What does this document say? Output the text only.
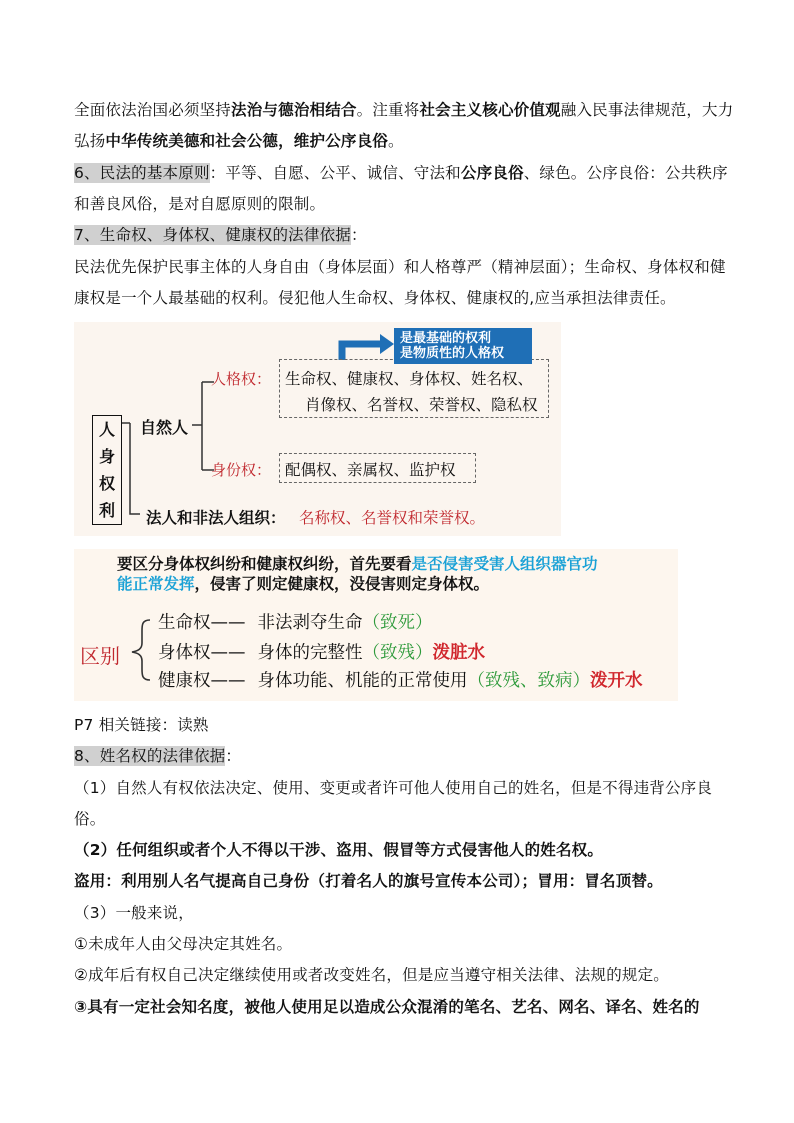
全面依法治国必须坚持法治与德治相结合。注重将社会主义核心价值观融入民事法律规范，大力弘扬中华传统美德和社会公德，维护公序良俗。
6、民法的基本原则：平等、自愿、公平、诚信、守法和公序良俗、绿色。公序良俗：公共秩序和善良风俗，是对自愿原则的限制。
7、生命权、身体权、健康权的法律依据：
民法优先保护民事主体的人身自由（身体层面）和人格尊严（精神层面）；生命权、身体权和健康权是一个人最基础的权利。侵犯他人生命权、身体权、健康权的,应当承担法律责任。
人
身
权
利
自然人
人格权： 生命权、健康权、身体权、姓名权、
肖像权、名誉权、荣誉权、隐私权
是最基础的权利
是物质性的人格权
身份权： 配偶权、亲属权、监护权
法人和非法人组织： 名称权、名誉权和荣誉权。
要区分身体权纠纷和健康权纠纷，首先要看是否侵害受害人组织器官功
能正常发挥，侵害了则定健康权，没侵害则定身体权。
区别
生命权—— 非法剥夺生命（致死）
身体权—— 身体的完整性（致残）泼脏水
健康权—— 身体功能、机能的正常使用（致残、致病）泼开水
P7 相关链接：读熟
8、姓名权的法律依据：
（1）自然人有权依法决定、使用、变更或者许可他人使用自己的姓名，但是不得违背公序良俗。
（2）任何组织或者个人不得以干涉、盗用、假冒等方式侵害他人的姓名权。
盗用：利用别人名气提高自己身份（打着名人的旗号宣传本公司）；冒用：冒名顶替。
（3）一般来说，
①未成年人由父母决定其姓名。
②成年后有权自己决定继续使用或者改变姓名，但是应当遵守相关法律、法规的规定。
③具有一定社会知名度，被他人使用足以造成公众混淆的笔名、艺名、网名、译名、姓名的
